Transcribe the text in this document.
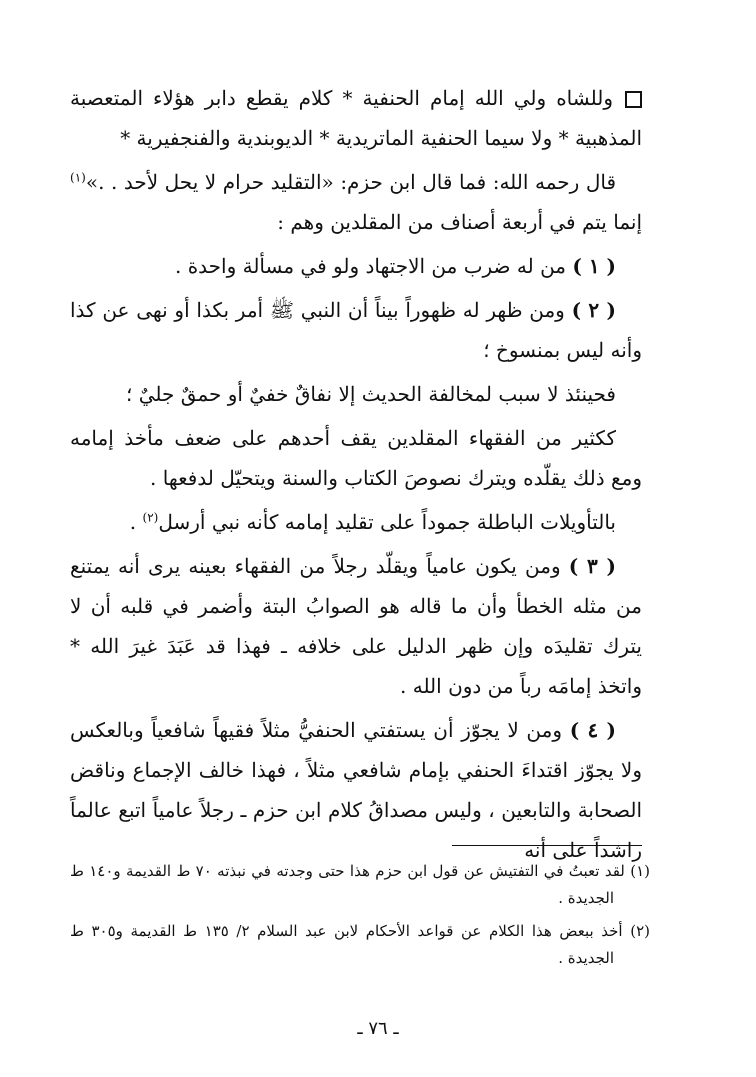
وللشاه ولي الله إمام الحنفية * كلام يقطع دابر هؤلاء المتعصبة المذهبية * ولا سيما الحنفية الماتريدية * الديوبندية والفنجفيرية *

قال رحمه الله: فما قال ابن حزم: «التقليد حرام لا يحل لأحد . .»$^{(١)}$ إنما يتم في أربعة أصناف من المقلدين وهم :

( ١ ) من له ضرب من الاجتهاد ولو في مسألة واحدة .

( ٢ ) ومن ظهر له ظهوراً بيناً أن النبي ﷺ أمر بكذا أو نهى عن كذا وأنه ليس بمنسوخ ؛

فحينئذ لا سبب لمخالفة الحديث إلا نفاقٌ خفيٌ أو حمقٌ جليٌ ؛

ككثير من الفقهاء المقلدين يقف أحدهم على ضعف مأخذ إمامه ومع ذلك يقلّده ويترك نصوصَ الكتاب والسنة ويتحيّل لدفعها .

بالتأويلات الباطلة جموداً على تقليد إمامه كأنه نبي أرسل$^{(٢)}$ .

( ٣ ) ومن يكون عامياً ويقلّد رجلاً من الفقهاء بعينه يرى أنه يمتنع من مثله الخطأ وأن ما قاله هو الصوابُ البتة وأضمر في قلبه أن لا يترك تقليدَه وإن ظهر الدليل على خلافه ـ فهذا قد عَبَدَ غيرَ الله * واتخذ إمامَه رباً من دون الله .

( ٤ ) ومن لا يجوّز أن يستفتي الحنفيُّ مثلاً فقيهاً شافعياً وبالعكس ولا يجوّز اقتداءَ الحنفي بإمام شافعي مثلاً ، فهذا خالف الإجماع وناقض الصحابة والتابعين ، وليس مصداقُ كلام ابن حزم ـ رجلاً عامياً اتبع عالماً راشداً على أنه

(١) لقد تعبتُ في التفتيش عن قول ابن حزم هذا حتى وجدته في نبذته ٧٠ ط القديمة و١٤٠ ط الجديدة .

(٢) أخذ ببعض هذا الكلام عن قواعد الأحكام لابن عبد السلام ٢/ ١٣٥ ط القديمة و٣٠٥ ط الجديدة .

ـ ٧٦ ـ
